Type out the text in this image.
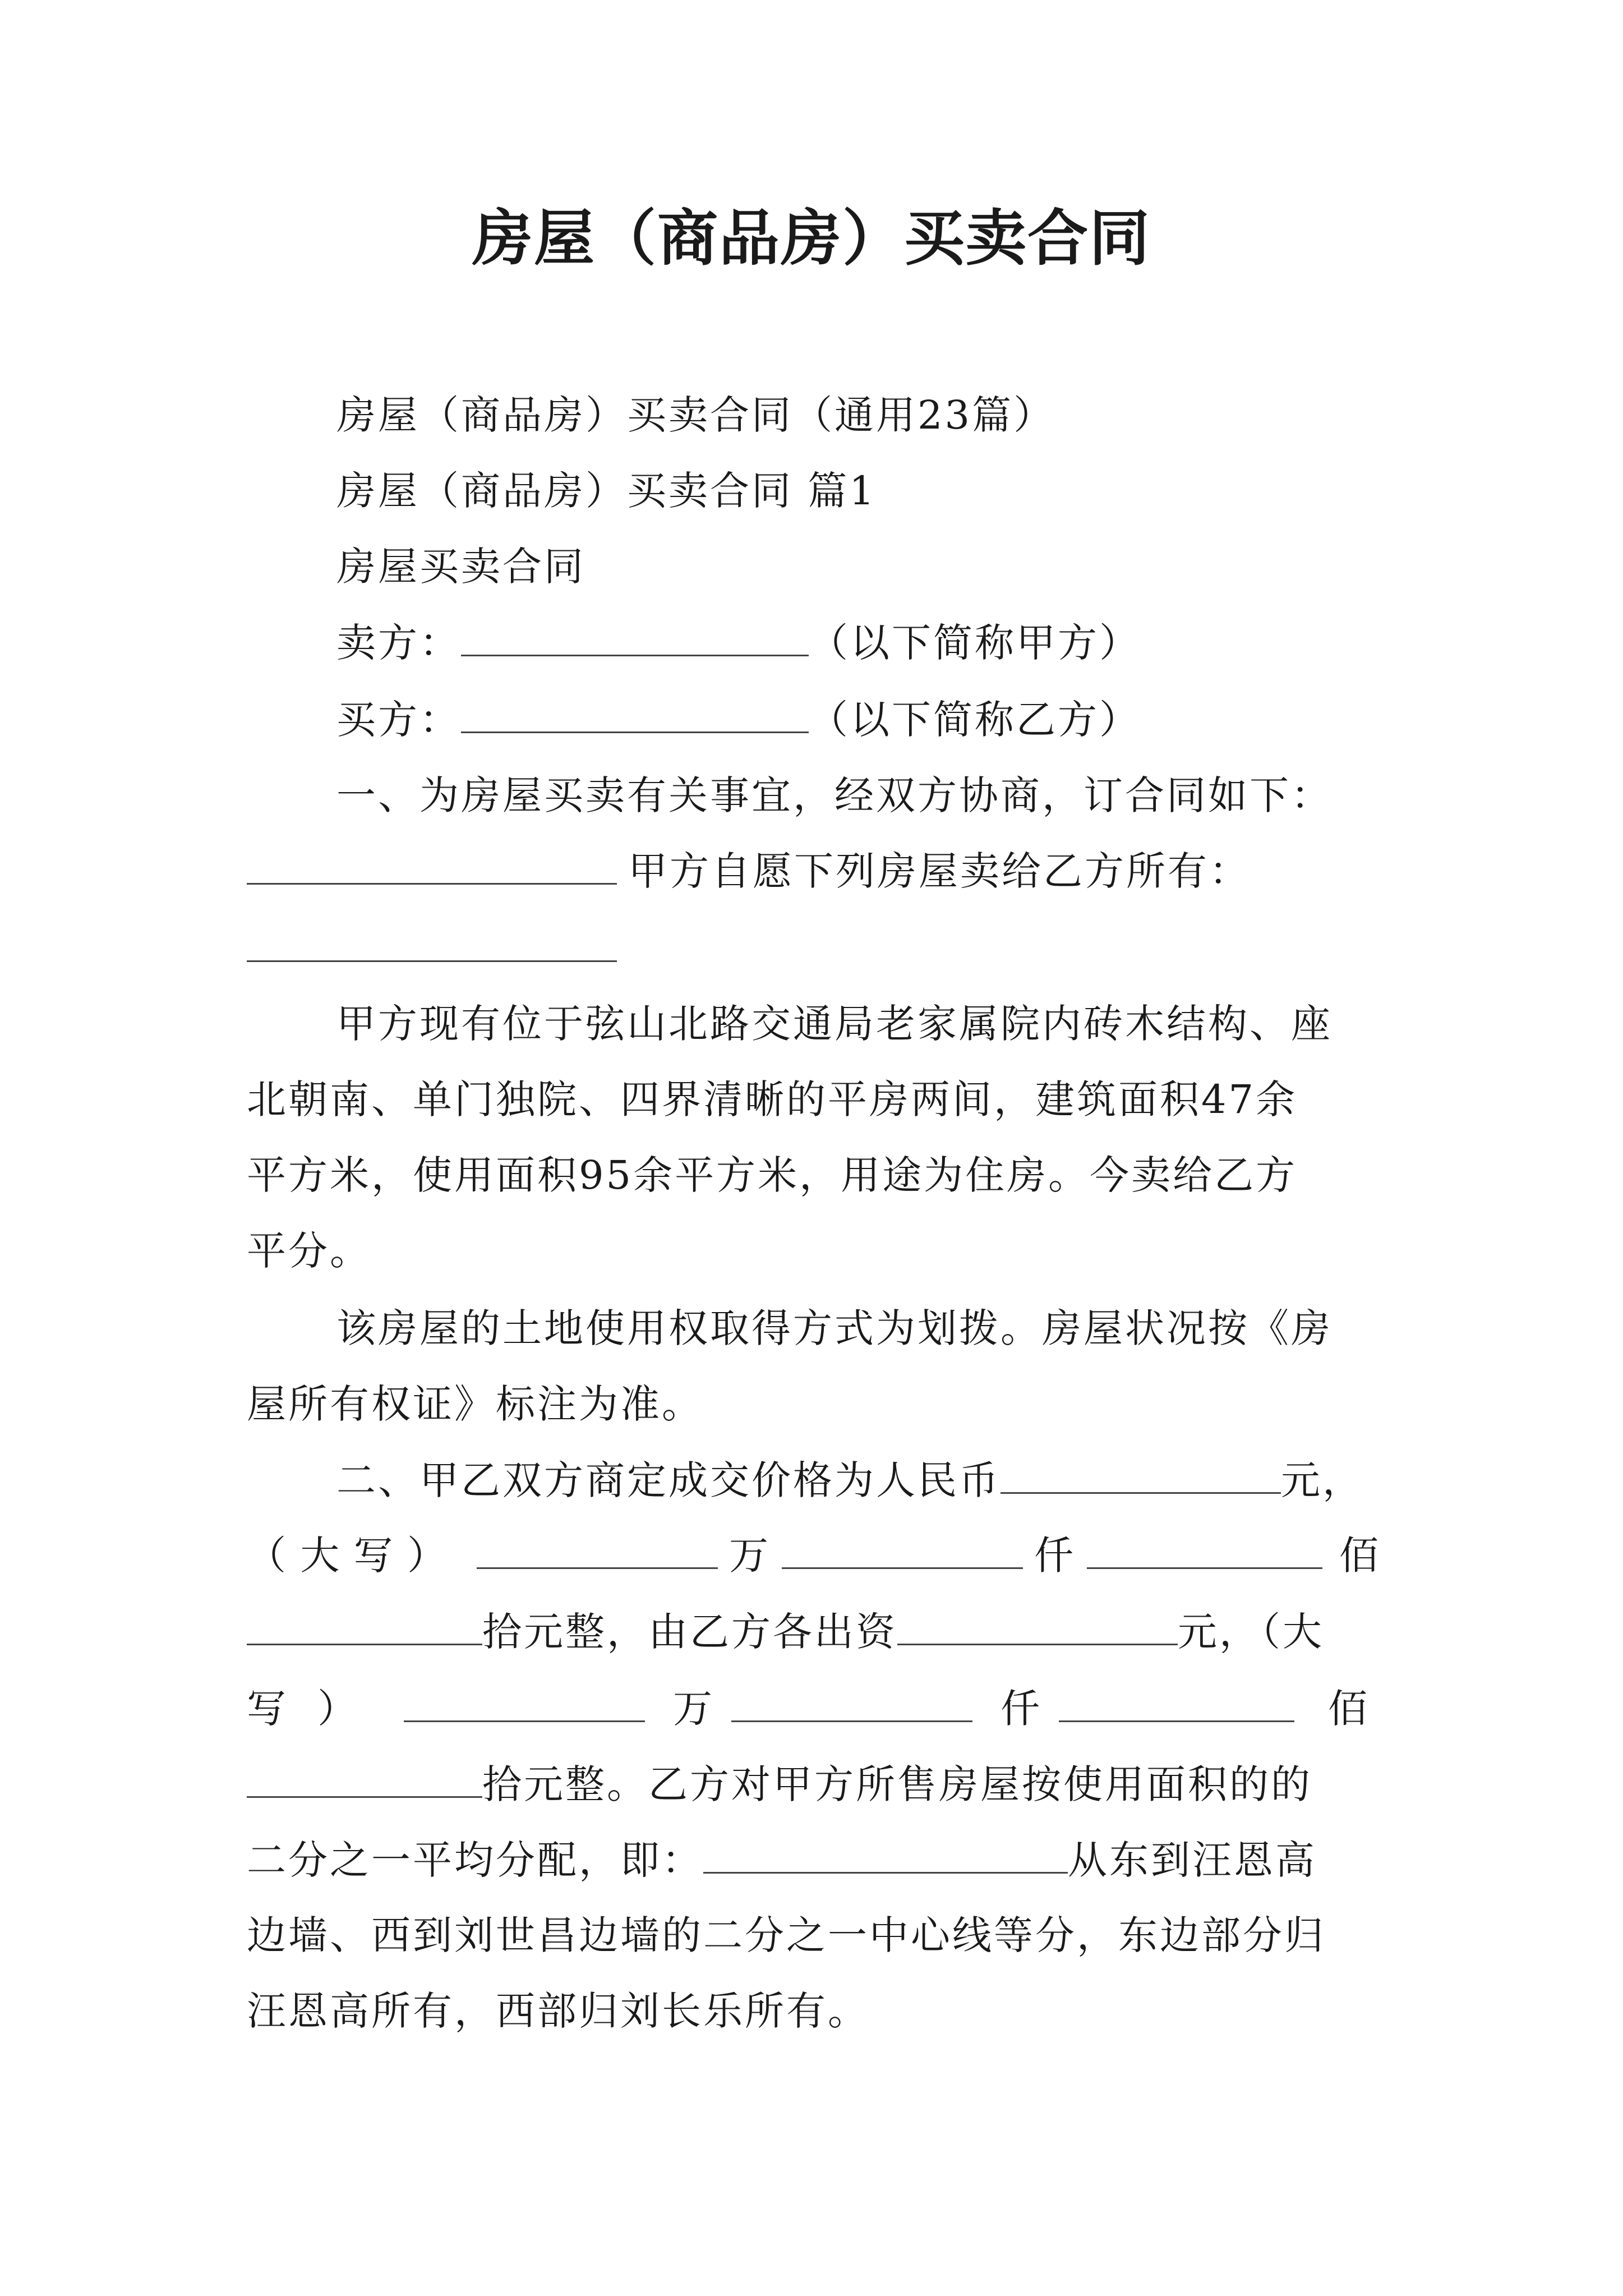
房屋（商品房）买卖合同
房屋（商品房）买卖合同（通用23篇）
房屋（商品房）买卖合同 篇1
房屋买卖合同
卖方：	（以下简称甲方）
买方：	（以下简称乙方）
一、为房屋买卖有关事宜，经双方协商，订合同如下：
甲方自愿下列房屋卖给乙方所有：
甲方现有位于弦山北路交通局老家属院内砖木结构、座
北朝南、单门独院、四界清晰的平房两间，建筑面积47余
平方米，使用面积95余平方米，用途为住房。今卖给乙方
平分。
该房屋的土地使用权取得方式为划拨。房屋状况按《房
屋所有权证》标注为准。
二、甲乙双方商定成交价格为人民币	元，
（ 大 写 ）	万	仟	佰
拾元整，由乙方各出资	元，（大
写 ）	万	仟	佰
拾元整。乙方对甲方所售房屋按使用面积的的
二分之一平均分配，即：	从东到汪恩高
边墙、西到刘世昌边墙的二分之一中心线等分，东边部分归
汪恩高所有，西部归刘长乐所有。
